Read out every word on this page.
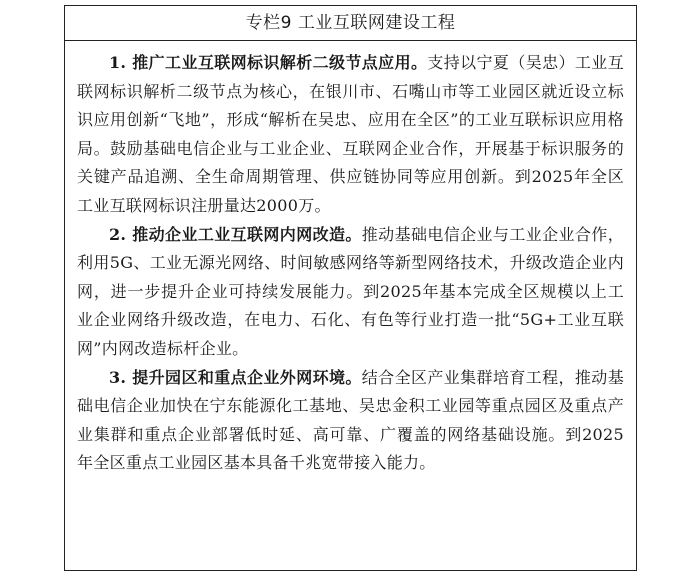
专栏9 工业互联网建设工程

1. 推广工业互联网标识解析二级节点应用。支持以宁夏（吴忠）工业互联网标识解析二级节点为核心，在银川市、石嘴山市等工业园区就近设立标识应用创新“飞地”，形成“解析在吴忠、应用在全区”的工业互联标识应用格局。鼓励基础电信企业与工业企业、互联网企业合作，开展基于标识服务的关键产品追溯、全生命周期管理、供应链协同等应用创新。到2025年全区工业互联网标识注册量达2000万。

2. 推动企业工业互联网内网改造。推动基础电信企业与工业企业合作，利用5G、工业无源光网络、时间敏感网络等新型网络技术，升级改造企业内网，进一步提升企业可持续发展能力。到2025年基本完成全区规模以上工业企业网络升级改造，在电力、石化、有色等行业打造一批“5G+工业互联网”内网改造标杆企业。

3. 提升园区和重点企业外网环境。结合全区产业集群培育工程，推动基础电信企业加快在宁东能源化工基地、吴忠金积工业园等重点园区及重点产业集群和重点企业部署低时延、高可靠、广覆盖的网络基础设施。到2025年全区重点工业园区基本具备千兆宽带接入能力。
